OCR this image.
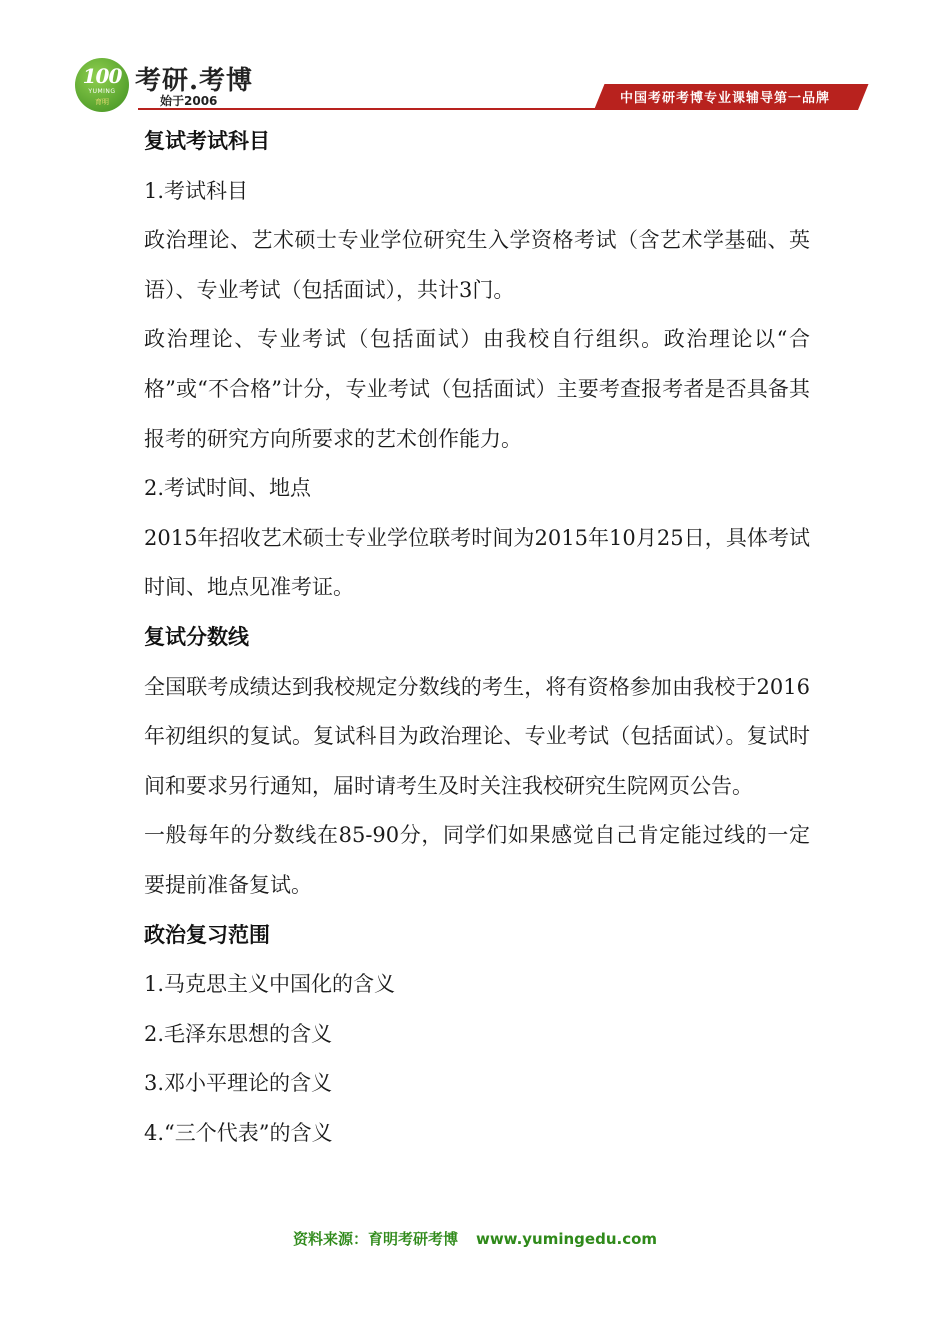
100
YUMING
育明
考研.考博
始于2006	中国考研考博专业课辅导第一品牌
复试考试科目

1.考试科目

政治理论、艺术硕士专业学位研究生入学资格考试（含艺术学基础、英语）、专业考试（包括面试），共计3门。

政治理论、专业考试（包括面试）由我校自行组织。政治理论以“合格”或“不合格”计分，专业考试（包括面试）主要考查报考者是否具备其报考的研究方向所要求的艺术创作能力。

2.考试时间、地点

2015年招收艺术硕士专业学位联考时间为2015年10月25日，具体考试时间、地点见准考证。

复试分数线

全国联考成绩达到我校规定分数线的考生，将有资格参加由我校于2016年初组织的复试。复试科目为政治理论、专业考试（包括面试）。复试时间和要求另行通知，届时请考生及时关注我校研究生院网页公告。

一般每年的分数线在85-90分，同学们如果感觉自己肯定能过线的一定要提前准备复试。

政治复习范围

1.马克思主义中国化的含义

2.毛泽东思想的含义

3.邓小平理论的含义

4.“三个代表”的含义

资料来源：育明考研考博 www.yumingedu.com
